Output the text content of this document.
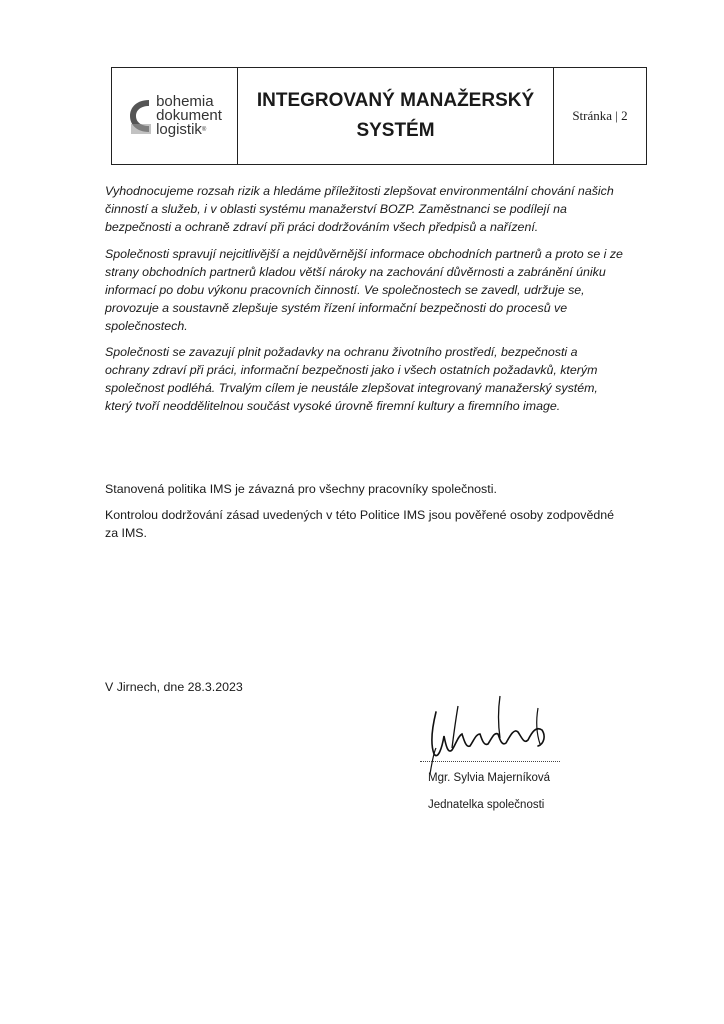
bohemia
dokument
logistik®
INTEGROVANÝ MANAŽERSKÝ SYSTÉM
Stránka | 2

Vyhodnocujeme rozsah rizik a hledáme příležitosti zlepšovat environmentální chování našich činností a služeb, i v oblasti systému manažerství BOZP. Zaměstnanci se podílejí na bezpečnosti a ochraně zdraví při práci dodržováním všech předpisů a nařízení.

Společnosti spravují nejcitlivější a nejdůvěrnější informace obchodních partnerů a proto se i ze strany obchodních partnerů kladou větší nároky na zachování důvěrnosti a zabránění úniku informací po dobu výkonu pracovních činností. Ve společnostech se zavedl, udržuje se, provozuje a soustavně zlepšuje systém řízení informační bezpečnosti do procesů ve společnostech.

Společnosti se zavazují plnit požadavky na ochranu životního prostředí, bezpečnosti a ochrany zdraví při práci, informační bezpečnosti jako i všech ostatních požadavků, kterým společnost podléhá. Trvalým cílem je neustále zlepšovat integrovaný manažerský systém, který tvoří neoddělitelnou součást vysoké úrovně firemní kultury a firemního image.

Stanovená politika IMS je závazná pro všechny pracovníky společnosti.

Kontrolou dodržování zásad uvedených v této Politice IMS jsou pověřené osoby zodpovědné za IMS.

V Jirnech, dne 28.3.2023

Mgr. Sylvia Majerníková
Jednatelka společnosti
